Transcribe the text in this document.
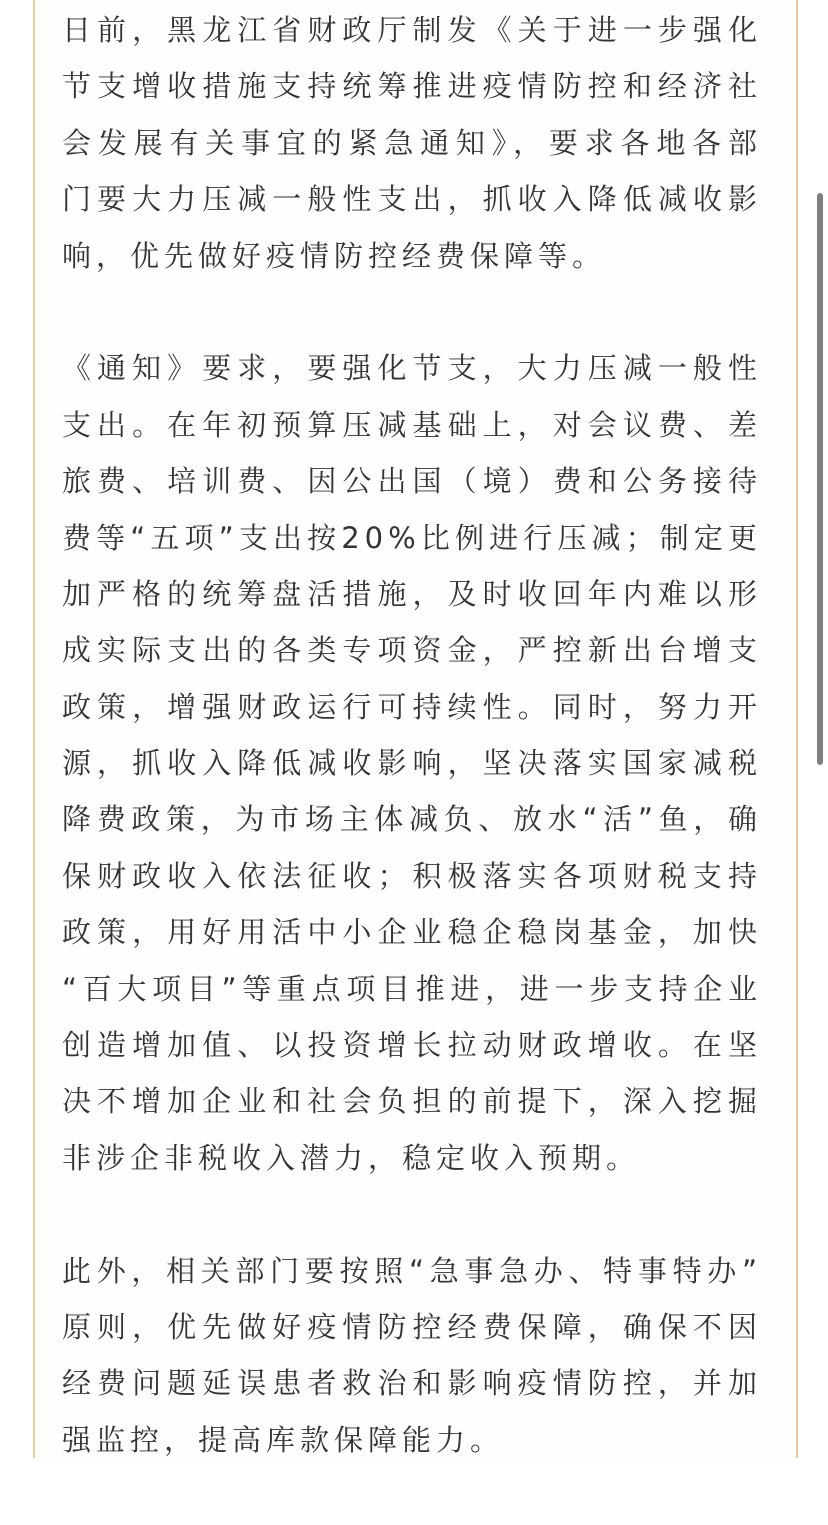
日前，黑龙江省财政厅制发《关于进一步强化
节支增收措施支持统筹推进疫情防控和经济社
会发展有关事宜的紧急通知》，要求各地各部
门要大力压减一般性支出，抓收入降低减收影
响，优先做好疫情防控经费保障等。
《通知》要求，要强化节支，大力压减一般性
支出。在年初预算压减基础上，对会议费、差
旅费、培训费、因公出国（境）费和公务接待
费等“五项”支出按20%比例进行压减；制定更
加严格的统筹盘活措施，及时收回年内难以形
成实际支出的各类专项资金，严控新出台增支
政策，增强财政运行可持续性。同时，努力开
源，抓收入降低减收影响，坚决落实国家减税
降费政策，为市场主体减负、放水“活”鱼，确
保财政收入依法征收；积极落实各项财税支持
政策，用好用活中小企业稳企稳岗基金，加快
“百大项目”等重点项目推进，进一步支持企业
创造增加值、以投资增长拉动财政增收。在坚
决不增加企业和社会负担的前提下，深入挖掘
非涉企非税收入潜力，稳定收入预期。
此外，相关部门要按照“急事急办、特事特办”
原则，优先做好疫情防控经费保障，确保不因
经费问题延误患者救治和影响疫情防控，并加
强监控，提高库款保障能力。
